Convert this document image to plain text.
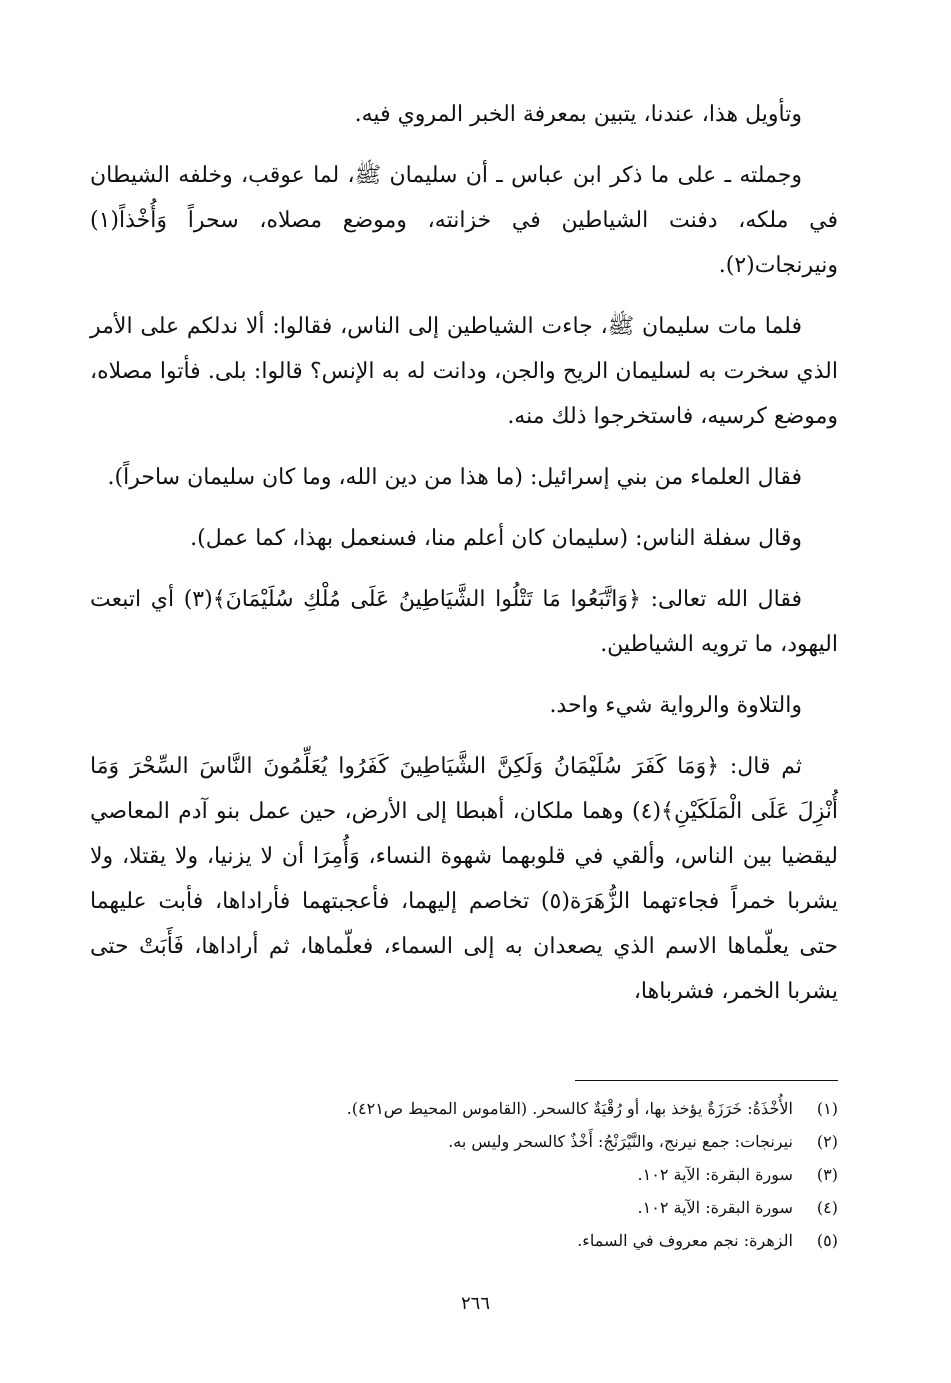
وتأويل هذا، عندنا، يتبين بمعرفة الخبر المروي فيه.

وجملته ـ على ما ذكر ابن عباس ـ أن سليمان ﷺ، لما عوقب، وخلفه الشيطان في ملكه، دفنت الشياطين في خزانته، وموضع مصلاه، سحراً وَأُخْذاً(١) ونيرنجات(٢).

فلما مات سليمان ﷺ، جاءت الشياطين إلى الناس، فقالوا: ألا ندلكم على الأمر الذي سخرت به لسليمان الريح والجن، ودانت له به الإنس؟ قالوا: بلى. فأتوا مصلاه، وموضع كرسيه، فاستخرجوا ذلك منه.

فقال العلماء من بني إسرائيل: (ما هذا من دين الله، وما كان سليمان ساحراً).

وقال سفلة الناس: (سليمان كان أعلم منا، فسنعمل بهذا، كما عمل).

فقال الله تعالى: ﴿وَاتَّبَعُوا مَا تَتْلُوا الشَّيَاطِينُ عَلَى مُلْكِ سُلَيْمَانَ﴾(٣) أي اتبعت اليهود، ما ترويه الشياطين.

والتلاوة والرواية شيء واحد.

ثم قال: ﴿وَمَا كَفَرَ سُلَيْمَانُ وَلَكِنَّ الشَّيَاطِينَ كَفَرُوا يُعَلِّمُونَ النَّاسَ السِّحْرَ وَمَا أُنْزِلَ عَلَى الْمَلَكَيْنِ﴾(٤) وهما ملكان، أهبطا إلى الأرض، حين عمل بنو آدم المعاصي ليقضيا بين الناس، وألقي في قلوبهما شهوة النساء، وَأُمِرَا أن لا يزنيا، ولا يقتلا، ولا يشربا خمراً فجاءتهما الزُّهَرَة(٥) تخاصم إليهما، فأعجبتهما فأراداها، فأبت عليهما حتى يعلّماها الاسم الذي يصعدان به إلى السماء، فعلّماها، ثم أراداها، فَأَبَتْ حتى يشربا الخمر، فشرباها،

(١) الأُخْذَةُ: خَرَزَةٌ يؤخذ بها، أو رُقْيَةٌ كالسحر. (القاموس المحيط ص٤٢١).
(٢) نيرنجات: جمع نيرنج، والنَّيْرَنْجُ: أَخْذٌ كالسحر وليس به.
(٣) سورة البقرة: الآية ١٠٢.
(٤) سورة البقرة: الآية ١٠٢.
(٥) الزهرة: نجم معروف في السماء.
٢٦٦
